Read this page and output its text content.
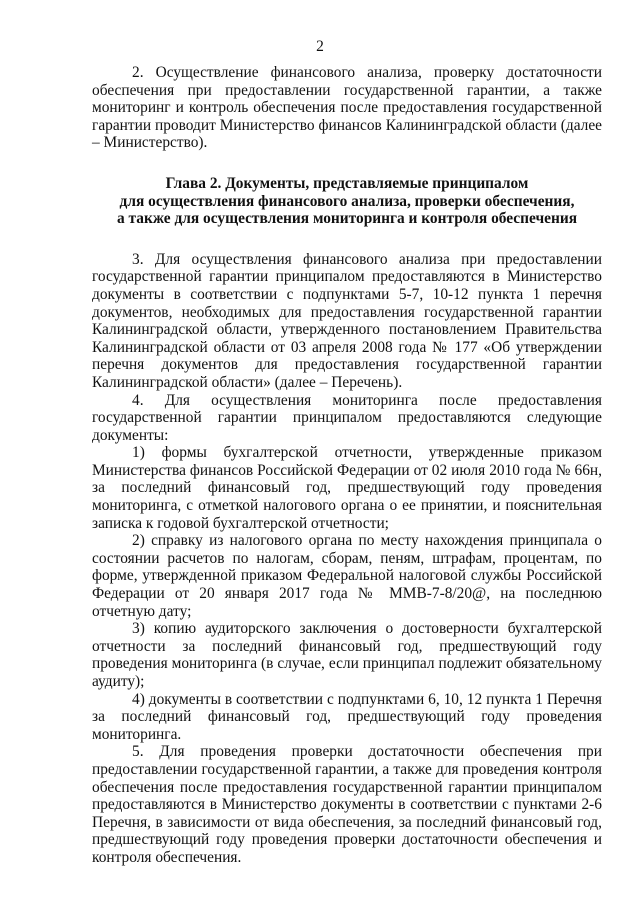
2

2. Осуществление финансового анализа, проверку достаточности обеспечения при предоставлении государственной гарантии, а также мониторинг и контроль обеспечения после предоставления государственной гарантии проводит Министерство финансов Калининградской области (далее – Министерство).

Глава 2. Документы, представляемые принципалом
для осуществления финансового анализа, проверки обеспечения,
а также для осуществления мониторинга и контроля обеспечения

3. Для осуществления финансового анализа при предоставлении государственной гарантии принципалом предоставляются в Министерство документы в соответствии с подпунктами 5-7, 10-12 пункта 1 перечня документов, необходимых для предоставления государственной гарантии Калининградской области, утвержденного постановлением Правительства Калининградской области от 03 апреля 2008 года № 177 «Об утверждении перечня документов для предоставления государственной гарантии Калининградской области» (далее – Перечень).

4. Для осуществления мониторинга после предоставления государственной гарантии принципалом предоставляются следующие документы:

1) формы бухгалтерской отчетности, утвержденные приказом Министерства финансов Российской Федерации от 02 июля 2010 года № 66н, за последний финансовый год, предшествующий году проведения мониторинга, с отметкой налогового органа о ее принятии, и пояснительная записка к годовой бухгалтерской отчетности;

2) справку из налогового органа по месту нахождения принципала о состоянии расчетов по налогам, сборам, пеням, штрафам, процентам, по форме, утвержденной приказом Федеральной налоговой службы Российской Федерации от 20 января 2017 года № ММВ-7-8/20@, на последнюю отчетную дату;

3) копию аудиторского заключения о достоверности бухгалтерской отчетности за последний финансовый год, предшествующий году проведения мониторинга (в случае, если принципал подлежит обязательному аудиту);

4) документы в соответствии с подпунктами 6, 10, 12 пункта 1 Перечня за последний финансовый год, предшествующий году проведения мониторинга.

5. Для проведения проверки достаточности обеспечения при предоставлении государственной гарантии, а также для проведения контроля обеспечения после предоставления государственной гарантии принципалом предоставляются в Министерство документы в соответствии с пунктами 2-6 Перечня, в зависимости от вида обеспечения, за последний финансовый год, предшествующий году проведения проверки достаточности обеспечения и контроля обеспечения.
